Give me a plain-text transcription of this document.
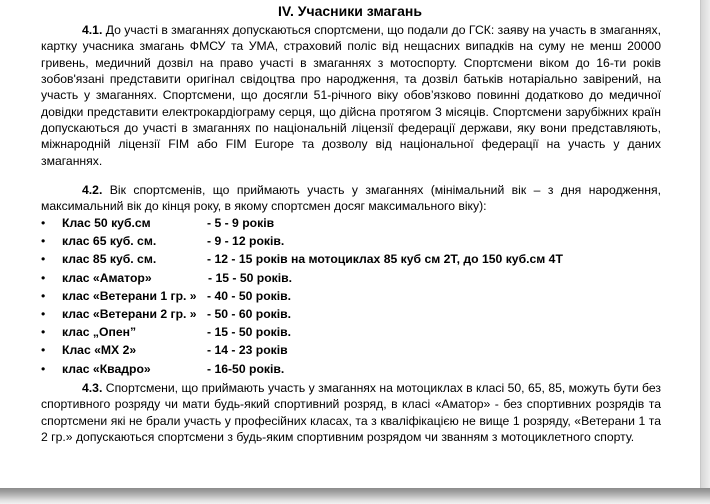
IV. Учасники змагань
4.1. До участі в змаганнях допускаються спортсмени, що подали до ГСК: заяву на участь в змаганнях, картку учасника змагань ФМСУ та УМА, страховий поліс від нещасних випадків на суму не менш 20000 гривень, медичний дозвіл на право участі в змаганнях з мотоспорту. Спортсмени віком до 16-ти років зобов'язані представити оригінал свідоцтва про народження, та дозвіл батьків нотаріально завірений, на участь у змаганнях. Спортсмени, що досягли 51-річного віку обов’язково повинні додатково до медичної довідки представити електрокардіограму серця, що дійсна протягом 3 місяців. Спортсмени зарубіжних країн допускаються до участі в змаганнях по національній ліцензії федерації держави, яку вони представляють, міжнародній ліцензії FIM або FIM Europe та дозволу від національної федерації на участь у даних змаганнях.
4.2. Вік спортсменів, що приймають участь у змаганнях (мінімальний вік – з дня народження, максимальний вік до кінця року, в якому спортсмен досяг максимального віку):
• Клас 50 куб.см	- 5 - 9 років
• клас 65 куб. см.	- 9 - 12 років.
• клас 85 куб. см.	- 12 - 15 років на мотоциклах 85 куб см 2Т, до 150 куб.см 4Т
• клас «Аматор»	- 15 - 50 років.
• клас «Ветерани 1 гр. » - 40 - 50 років.
• клас «Ветерани 2 гр. » - 50 - 60 років.
• клас „Опен”	- 15 - 50 років.
• Клас «МХ 2»	- 14 - 23 років
• клас «Квадро»	- 16-50 років.
4.3. Спортсмени, що приймають участь у змаганнях на мотоциклах в класі 50, 65, 85, можуть бути без спортивного розряду чи мати будь-який спортивний розряд, в класі «Аматор» - без спортивних розрядів та спортсмени які не брали участь у професійних класах, та з кваліфікацією не вище 1 розряду, «Ветерани 1 та 2 гр.» допускаються спортсмени з будь-яким спортивним розрядом чи званням з мотоциклетного спорту.
